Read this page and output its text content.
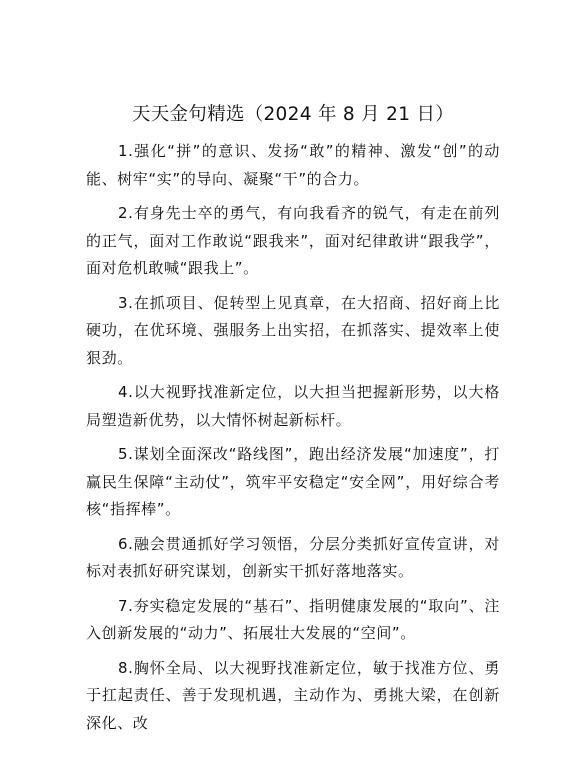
天天金句精选（2024 年 8 月 21 日）

1.强化“拼”的意识、发扬“敢”的精神、激发“创”的动能、树牢“实”的导向、凝聚“干”的合力。

2.有身先士卒的勇气，有向我看齐的锐气，有走在前列的正气，面对工作敢说“跟我来”，面对纪律敢讲“跟我学”，面对危机敢喊“跟我上”。

3.在抓项目、促转型上见真章，在大招商、招好商上比硬功，在优环境、强服务上出实招，在抓落实、提效率上使狠劲。

4.以大视野找准新定位，以大担当把握新形势，以大格局塑造新优势，以大情怀树起新标杆。

5.谋划全面深改“路线图”，跑出经济发展“加速度”，打赢民生保障“主动仗”，筑牢平安稳定“安全网”，用好综合考核“指挥棒”。

6.融会贯通抓好学习领悟，分层分类抓好宣传宣讲，对标对表抓好研究谋划，创新实干抓好落地落实。

7.夯实稳定发展的“基石”、指明健康发展的“取向”、注入创新发展的“动力”、拓展壮大发展的“空间”。

8.胸怀全局、以大视野找准新定位，敏于找准方位、勇于扛起责任、善于发现机遇，主动作为、勇挑大梁，在创新深化、改
